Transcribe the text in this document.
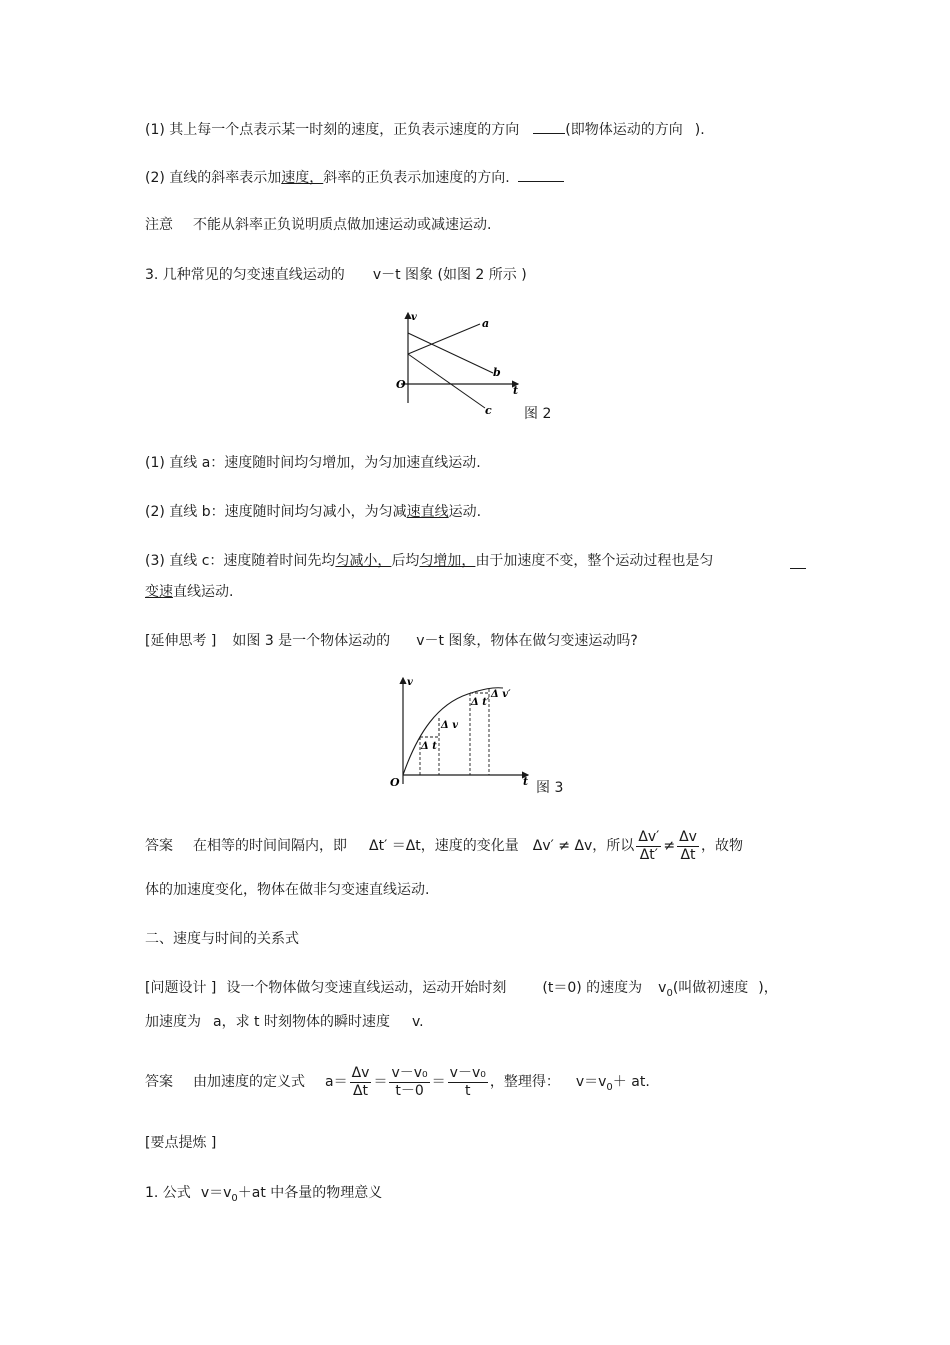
(1) 其上每一个点表示某一时刻的速度，正负表示速度的方向	(即物体运动的方向 ).
(2) 直线的斜率表示加速度，斜率的正负表示加速度的方向.
注意 不能从斜率正负说明质点做加速运动或减速运动.
3. 几种常见的匀变速直线运动的 v－t 图象 (如图 2 所示 )
v
t
O
a
b
c 图 2
(1) 直线 a：速度随时间均匀增加，为匀加速直线运动.
(2) 直线 b：速度随时间均匀减小，为匀减速直线运动.
(3) 直线 c：速度随着时间先均匀减小，后均匀增加，由于加速度不变，整个运动过程也是匀
变速直线运动.
[延伸思考 ] 如图 3 是一个物体运动的 v－t 图象，物体在做匀变速运动吗?
v
t
O
Δ v
Δ t
Δ v′
Δ t′
图 3
答案 在相等的时间间隔内，即 Δt′ ＝Δt，速度的变化量 Δv′ ≠ Δv，所以 $\frac{\Delta v'}{\Delta t'} \ne \frac{\Delta v}{\Delta t}$ ，故物
体的加速度变化，物体在做非匀变速直线运动.
二、速度与时间的关系式
[问题设计 ] 设一个物体做匀变速直线运动，运动开始时刻	(t＝0) 的速度为 $v_0$(叫做初速度 )，
加速度为 a，求 t 时刻物体的瞬时速度 v.
答案 由加速度的定义式 $a= \frac{\Delta v}{\Delta t} = \frac{\text{v－v₀}}{t-0} = \frac{\text{v－v₀}}{t}$ ，整理得： $v=v_0+$ at.
[要点提炼 ]
1. 公式 $v=v_0+at$ 中各量的物理意义
